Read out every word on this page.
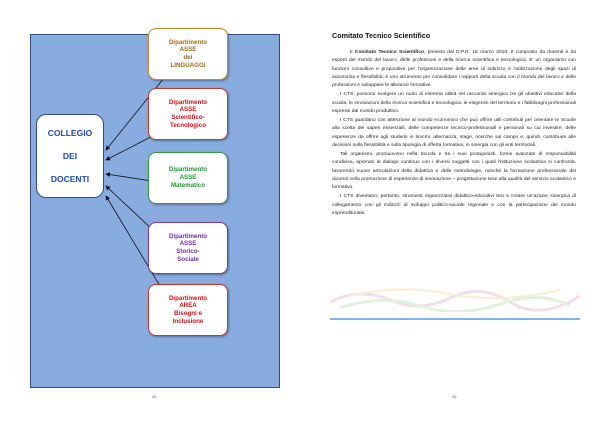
COLLEGIO
DEI
DOCENTI
Dipartimento
ASSE
dei
LINGUAGGI
Dipartimento
ASSE
Scientifico-
Tecnologico
Dipartimento
ASSE
Matematico
Dipartimento
ASSE
Storico-
Sociale
Dipartimento
AREA
Bisogni e
Inclusione
35	36
Comitato Tecnico Scientifico

Il Comitato Tecnico Scientifico, previsto dal D.P.R. 15 marzo 2010, è composto da docenti e da esperti del mondo del lavoro, delle professioni e della ricerca scientifica e tecnologica. E' un organismo con funzioni consultive e propositive per l'organizzazione delle aree di indirizzo e l'utilizzazione degli spazi di autonomia e flessibilità; è uno strumento per consolidare i rapporti della scuola con il mondo del lavoro e delle professioni e sviluppare le alleanze formative.

I CTS, possono svolgere un ruolo di estrema utilità nel raccordo sinergico tra gli obiettivi educativi della scuola, le innovazioni della ricerca scientifica e tecnologica, le esigenze del territorio e i fabbisogni professionali espressi dal mondo produttivo.

I CTS guardano con attenzione al mondo economico che può offrire utili contributi per orientare le Scuole alla scelta dei saperi essenziali, delle competenze tecnico-professionali e personali su cui investire, delle esperienze da offrire agli studenti in tirocini, alternanza, stage, ricerche sul campo e, quindi, contribuire alle decisioni sulla flessibilità e sulla tipologia di offerta formativa, in sinergia con gli enti territoriali.

Tali organismi, promuovono nella Scuola e tra i suoi protagonisti, forme avanzate di responsabilità condivisa, aprendo al dialogo continuo con i diversi soggetti con i quali l'istituzione scolastica si confronta, favorendo nuove articolazioni della didattica e delle metodologie, nonché la formazione professionale dei docenti nella promozione di esperienze di innovazione – progettazione tese alla qualità del servizio scolastico e formativo.

I CTS diventano, pertanto, strumenti organizzativi didattico-educativi tesi a creare un'azione sinergica di collegamento con gli indirizzi di sviluppo politico-sociale regionale e con la partecipazione del mondo imprenditoriale.
